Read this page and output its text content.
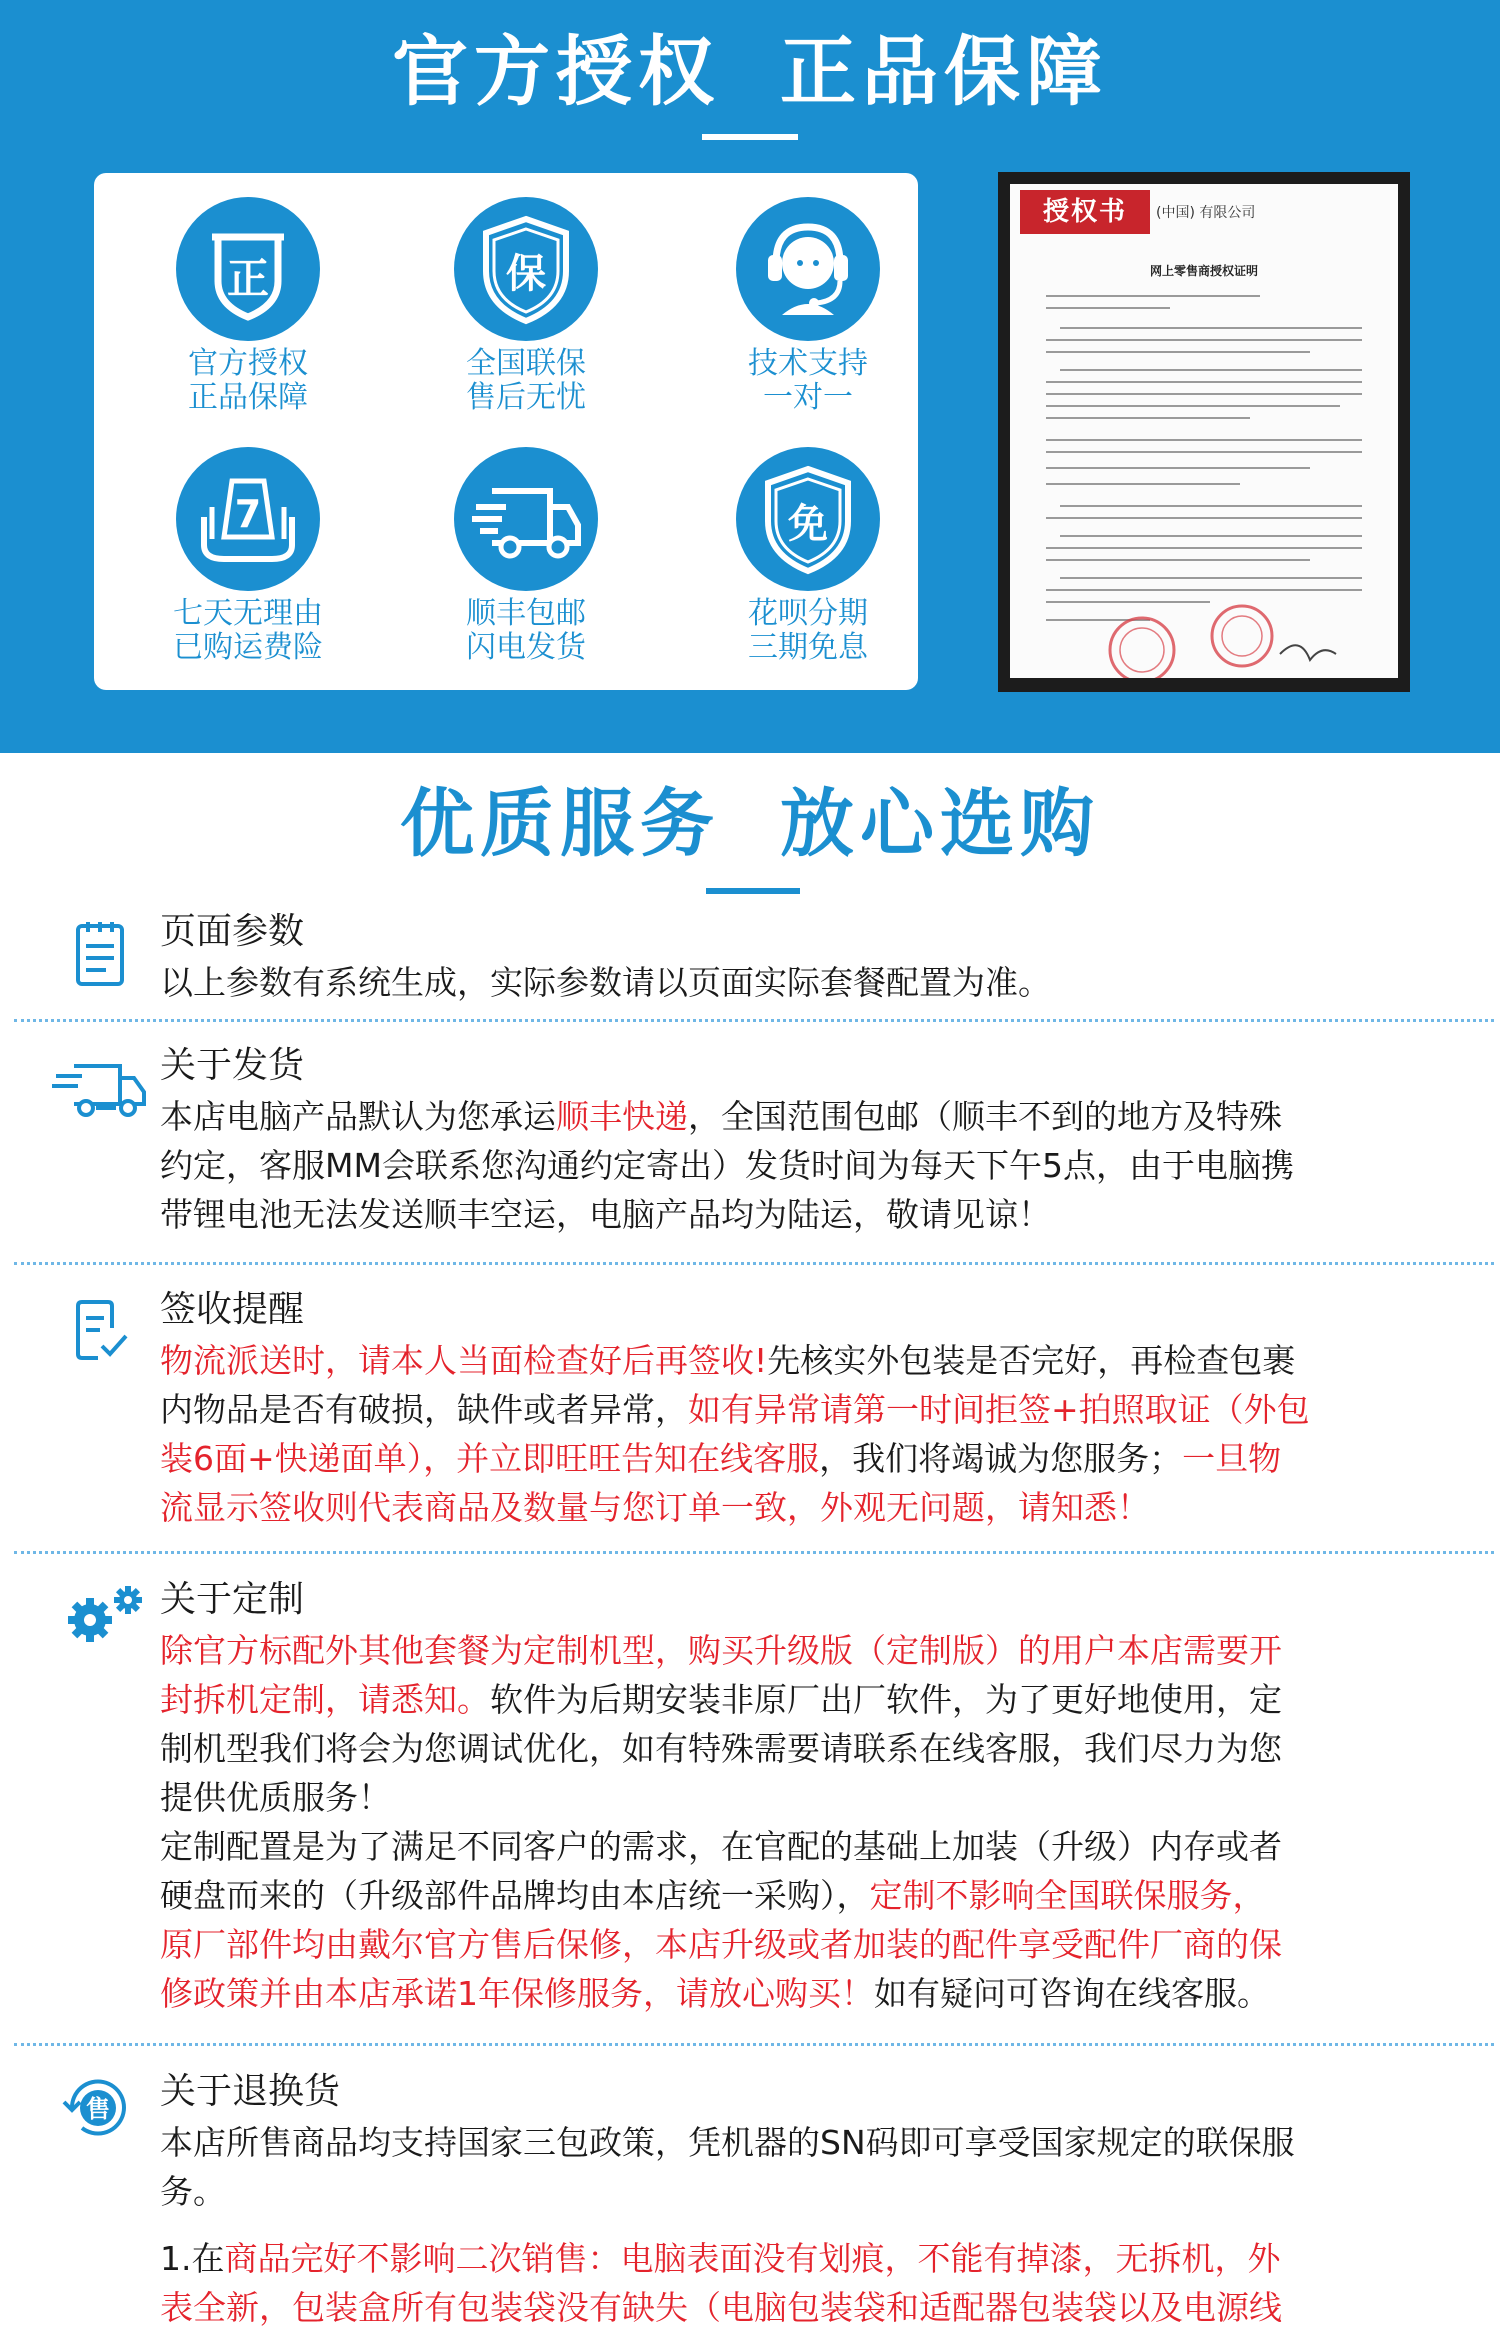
官方授权 正品保障
正
官方授权
正品保障
保
全国联保
售后无忧
技术支持
一对一
7
七天无理由
已购运费险
顺丰包邮
闪电发货
免
花呗分期
三期免息
授权书	(中国) 有限公司
网上零售商授权证明
优质服务 放心选购
页面参数
以上参数有系统生成，实际参数请以页面实际套餐配置为准。
关于发货
本店电脑产品默认为您承运顺丰快递，全国范围包邮（顺丰不到的地方及特殊
约定，客服MM会联系您沟通约定寄出）发货时间为每天下午5点，由于电脑携
带锂电池无法发送顺丰空运，电脑产品均为陆运，敬请见谅！
签收提醒
物流派送时，请本人当面检查好后再签收!先核实外包装是否完好，再检查包裹
内物品是否有破损，缺件或者异常，如有异常请第一时间拒签+拍照取证（外包
装6面+快递面单），并立即旺旺告知在线客服，我们将竭诚为您服务；一旦物
流显示签收则代表商品及数量与您订单一致，外观无问题，请知悉！
关于定制
除官方标配外其他套餐为定制机型，购买升级版（定制版）的用户本店需要开
封拆机定制，请悉知。软件为后期安装非原厂出厂软件，为了更好地使用，定
制机型我们将会为您调试优化，如有特殊需要请联系在线客服，我们尽力为您
提供优质服务！
定制配置是为了满足不同客户的需求，在官配的基础上加装（升级）内存或者
硬盘而来的（升级部件品牌均由本店统一采购），定制不影响全国联保服务，
原厂部件均由戴尔官方售后保修，本店升级或者加装的配件享受配件厂商的保
修政策并由本店承诺1年保修服务，请放心购买！如有疑问可咨询在线客服。
售 关于退换货
本店所售商品均支持国家三包政策，凭机器的SN码即可享受国家规定的联保服
务。
1.在商品完好不影响二次销售：电脑表面没有划痕，不能有掉漆，无拆机，外
表全新，包装盒所有包装袋没有缺失（电脑包装袋和适配器包装袋以及电源线
